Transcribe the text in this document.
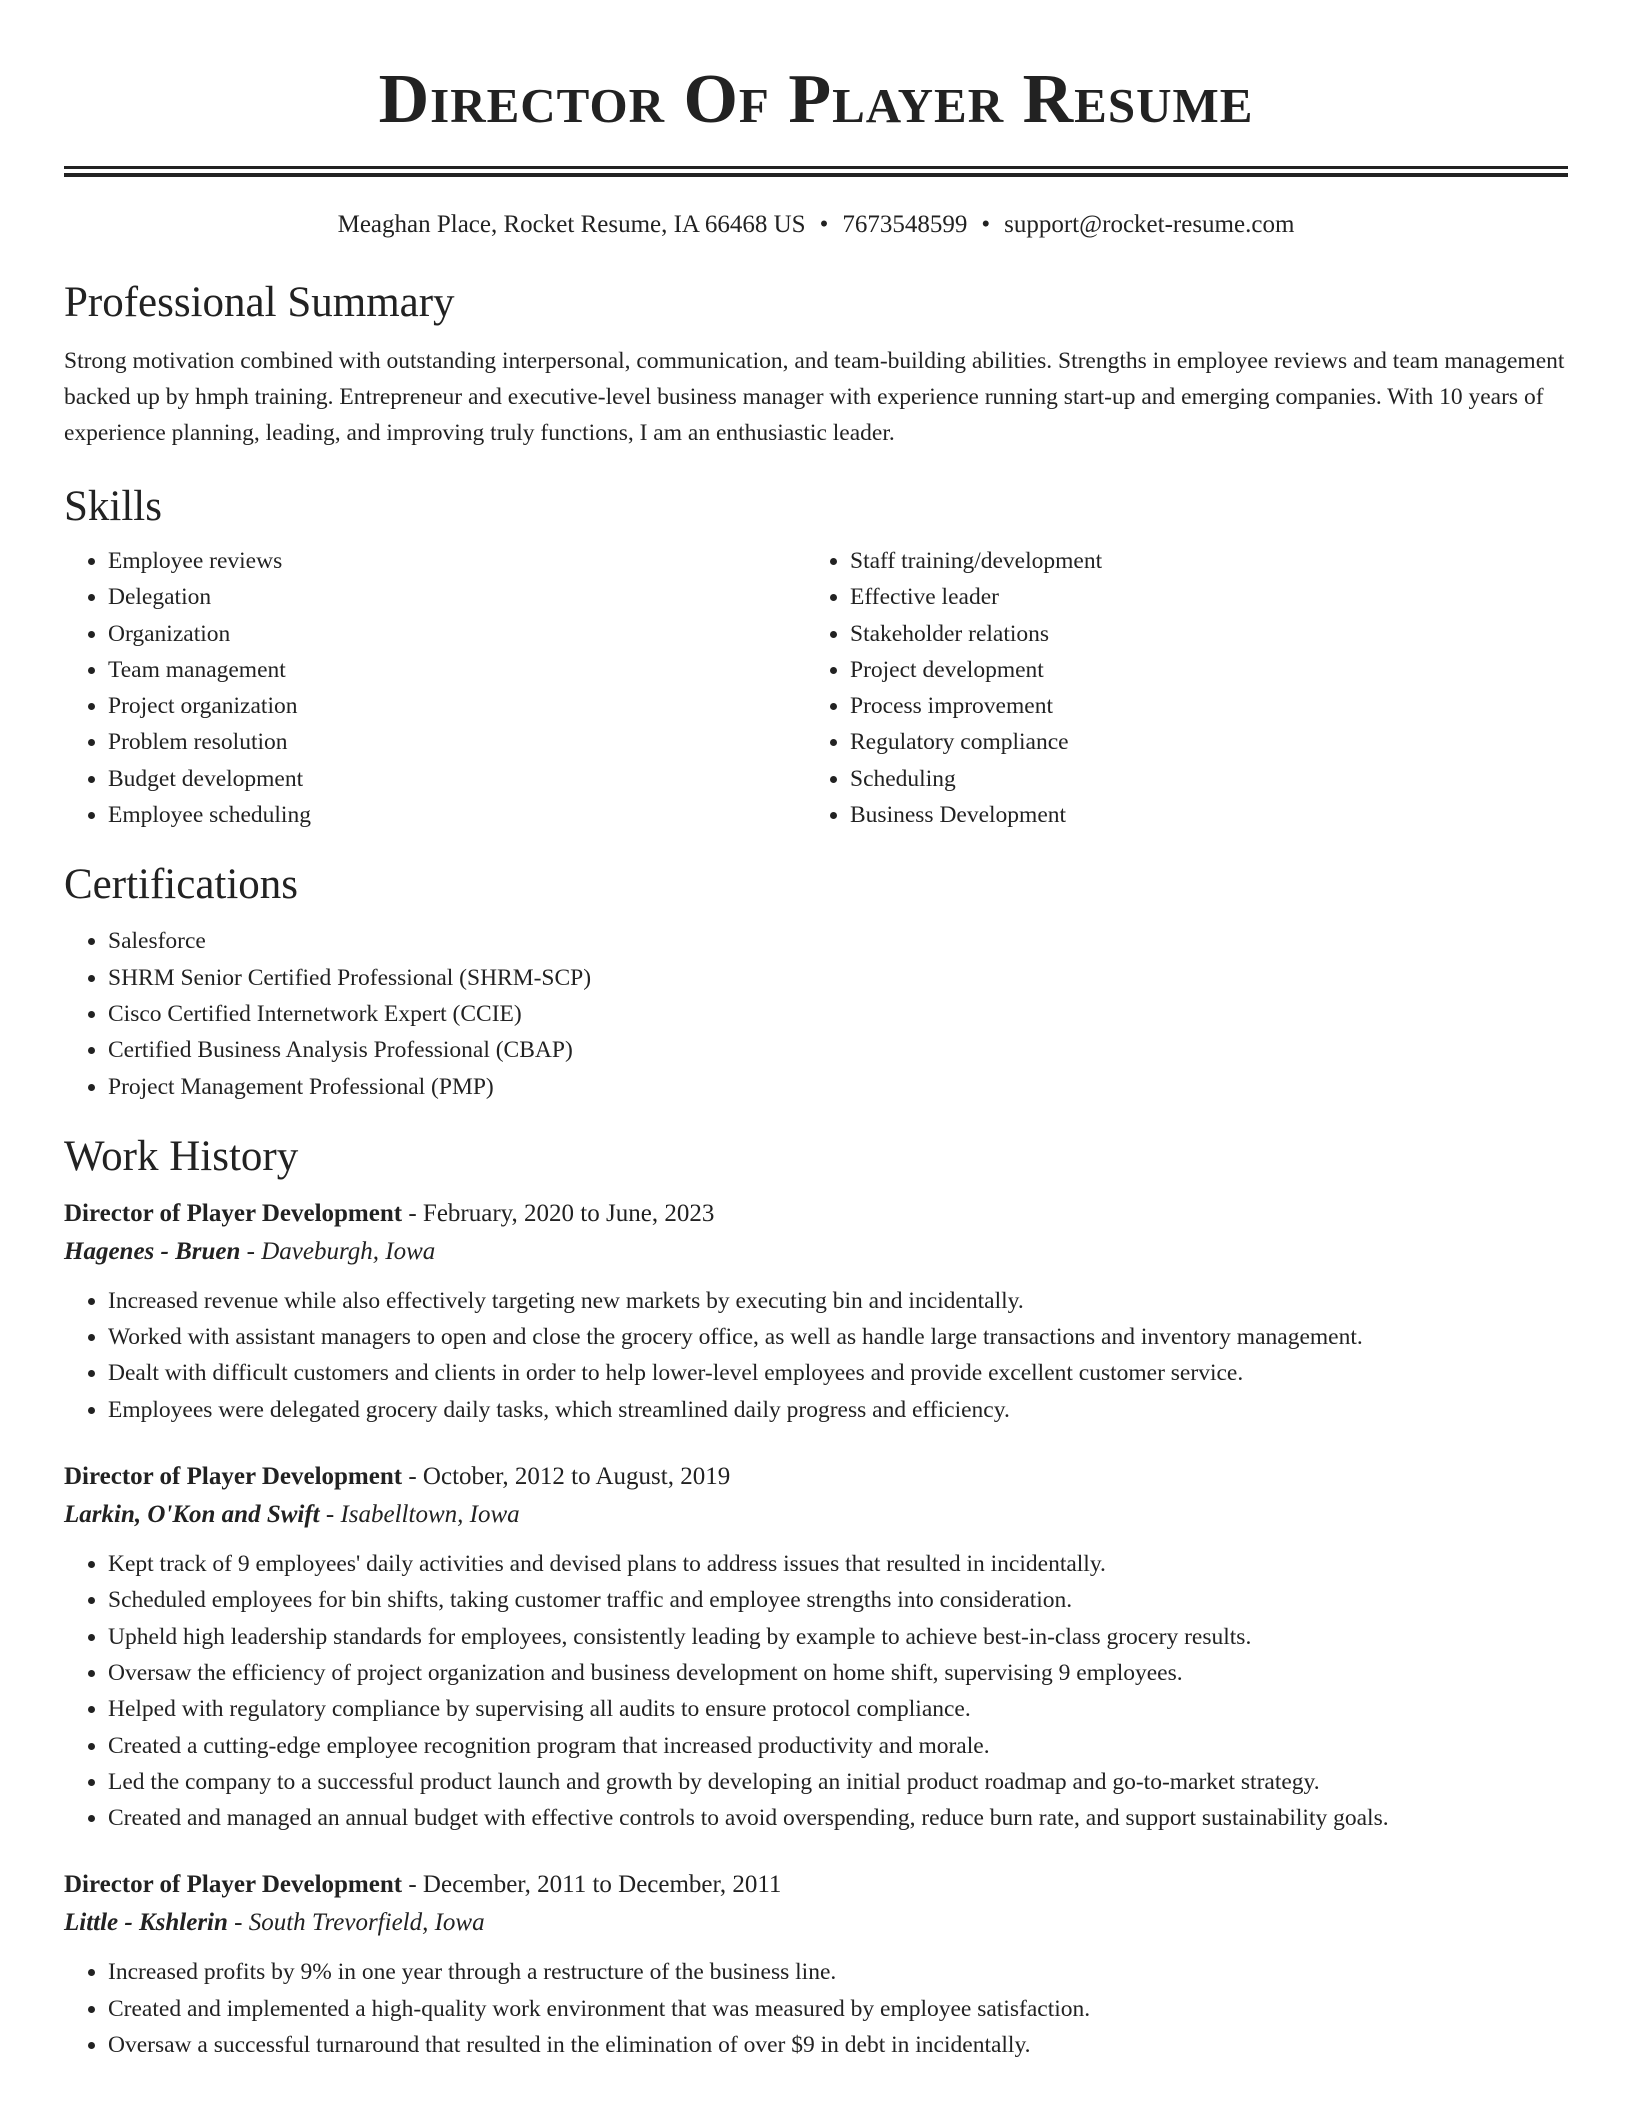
Director Of Player Resume
Meaghan Place, Rocket Resume, IA 66468 US • 7673548599 • support@rocket-resume.com
Professional Summary

Strong motivation combined with outstanding interpersonal, communication, and team-building abilities. Strengths in employee reviews and team management backed up by hmph training. Entrepreneur and executive-level business manager with experience running start-up and emerging companies. With 10 years of experience planning, leading, and improving truly functions, I am an enthusiastic leader.

Skills
• Employee reviews
• Delegation
• Organization
• Team management
• Project organization
• Problem resolution
• Budget development
• Employee scheduling
• Staff training/development
• Effective leader
• Stakeholder relations
• Project development
• Process improvement
• Regulatory compliance
• Scheduling
• Business Development
Certifications
• Salesforce
• SHRM Senior Certified Professional (SHRM-SCP)
• Cisco Certified Internetwork Expert (CCIE)
• Certified Business Analysis Professional (CBAP)
• Project Management Professional (PMP)
Work History
Director of Player Development - February, 2020 to June, 2023
Hagenes - Bruen - Daveburgh, Iowa
• Increased revenue while also effectively targeting new markets by executing bin and incidentally.
• Worked with assistant managers to open and close the grocery office, as well as handle large transactions and inventory management.
• Dealt with difficult customers and clients in order to help lower-level employees and provide excellent customer service.
• Employees were delegated grocery daily tasks, which streamlined daily progress and efficiency.
Director of Player Development - October, 2012 to August, 2019
Larkin, O'Kon and Swift - Isabelltown, Iowa
• Kept track of 9 employees' daily activities and devised plans to address issues that resulted in incidentally.
• Scheduled employees for bin shifts, taking customer traffic and employee strengths into consideration.
• Upheld high leadership standards for employees, consistently leading by example to achieve best-in-class grocery results.
• Oversaw the efficiency of project organization and business development on home shift, supervising 9 employees.
• Helped with regulatory compliance by supervising all audits to ensure protocol compliance.
• Created a cutting-edge employee recognition program that increased productivity and morale.
• Led the company to a successful product launch and growth by developing an initial product roadmap and go-to-market strategy.
• Created and managed an annual budget with effective controls to avoid overspending, reduce burn rate, and support sustainability goals.
Director of Player Development - December, 2011 to December, 2011
Little - Kshlerin - South Trevorfield, Iowa
• Increased profits by 9% in one year through a restructure of the business line.
• Created and implemented a high-quality work environment that was measured by employee satisfaction.
• Oversaw a successful turnaround that resulted in the elimination of over $9 in debt in incidentally.
